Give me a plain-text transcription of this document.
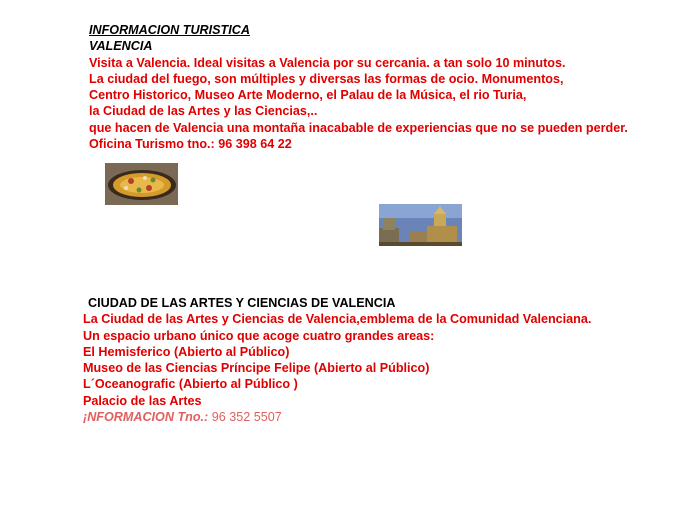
INFORMACION TURISTICA
VALENCIA
Visita a Valencia. Ideal visitas a Valencia por su cercania. a tan solo 10 minutos.
La ciudad del fuego, son múltiples y diversas las formas de ocio. Monumentos,
Centro Historico, Museo Arte Moderno, el Palau de la Música, el rio Turia,
la Ciudad de las Artes y las Ciencias,..
que hacen de Valencia una montaña inacabable de experiencias que no se pueden perder.
Oficina Turismo tno.: 96 398 64 22
CIUDAD DE LAS ARTES Y CIENCIAS DE VALENCIA
La Ciudad de las Artes y Ciencias de Valencia,emblema de la Comunidad Valenciana.
Un espacio urbano único que acoge cuatro grandes areas:
El Hemisferico (Abierto al Público)
Museo de las Ciencias Príncipe Felipe (Abierto al Público)
L´Oceanografic (Abierto al Público )
Palacio de las Artes
¡NFORMACION Tno.: 96 352 5507
